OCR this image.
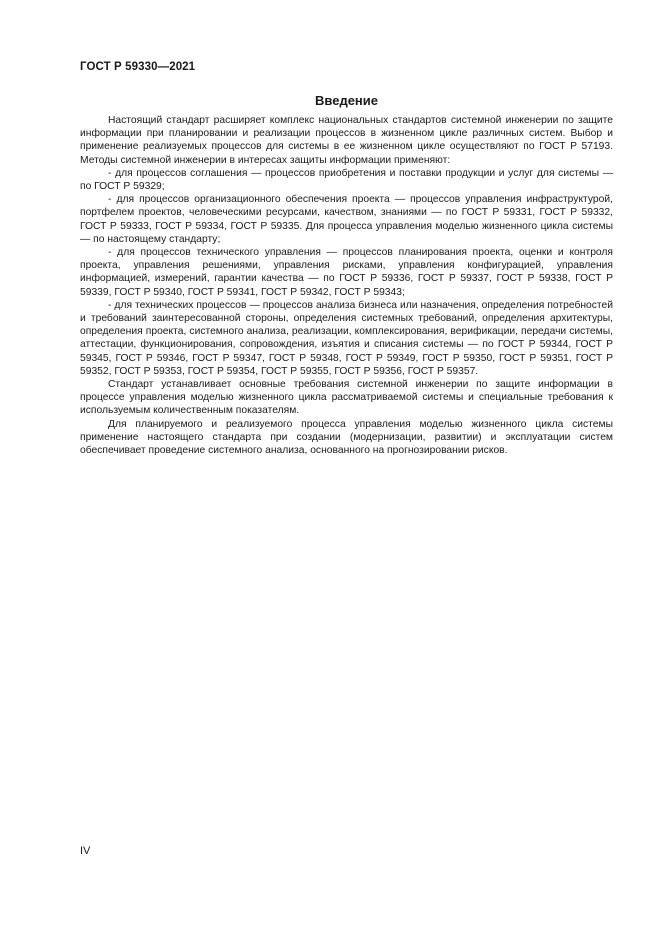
ГОСТ Р 59330—2021
Введение

Настоящий стандарт расширяет комплекс национальных стандартов системной инженерии по защите информации при планировании и реализации процессов в жизненном цикле различных систем. Выбор и применение реализуемых процессов для системы в ее жизненном цикле осуществляют по ГОСТ Р 57193. Методы системной инженерии в интересах защиты информации применяют:

- для процессов соглашения — процессов приобретения и поставки продукции и услуг для системы — по ГОСТ Р 59329;

- для процессов организационного обеспечения проекта — процессов управления инфраструктурой, портфелем проектов, человеческими ресурсами, качеством, знаниями — по ГОСТ Р 59331, ГОСТ Р 59332, ГОСТ Р 59333, ГОСТ Р 59334, ГОСТ Р 59335. Для процесса управления моделью жизненного цикла системы — по настоящему стандарту;

- для процессов технического управления — процессов планирования проекта, оценки и контроля проекта, управления решениями, управления рисками, управления конфигурацией, управления информацией, измерений, гарантии качества — по ГОСТ Р 59336, ГОСТ Р 59337, ГОСТ Р 59338, ГОСТ Р 59339, ГОСТ Р 59340, ГОСТ Р 59341, ГОСТ Р 59342, ГОСТ Р 59343;

- для технических процессов — процессов анализа бизнеса или назначения, определения потребностей и требований заинтересованной стороны, определения системных требований, определения архитектуры, определения проекта, системного анализа, реализации, комплексирования, верификации, передачи системы, аттестации, функционирования, сопровождения, изъятия и списания системы — по ГОСТ Р 59344, ГОСТ Р 59345, ГОСТ Р 59346, ГОСТ Р 59347, ГОСТ Р 59348, ГОСТ Р 59349, ГОСТ Р 59350, ГОСТ Р 59351, ГОСТ Р 59352, ГОСТ Р 59353, ГОСТ Р 59354, ГОСТ Р 59355, ГОСТ Р 59356, ГОСТ Р 59357.

Стандарт устанавливает основные требования системной инженерии по защите информации в процессе управления моделью жизненного цикла рассматриваемой системы и специальные требования к используемым количественным показателям.

Для планируемого и реализуемого процесса управления моделью жизненного цикла системы применение настоящего стандарта при создании (модернизации, развитии) и эксплуатации систем обеспечивает проведение системного анализа, основанного на прогнозировании рисков.

IV
